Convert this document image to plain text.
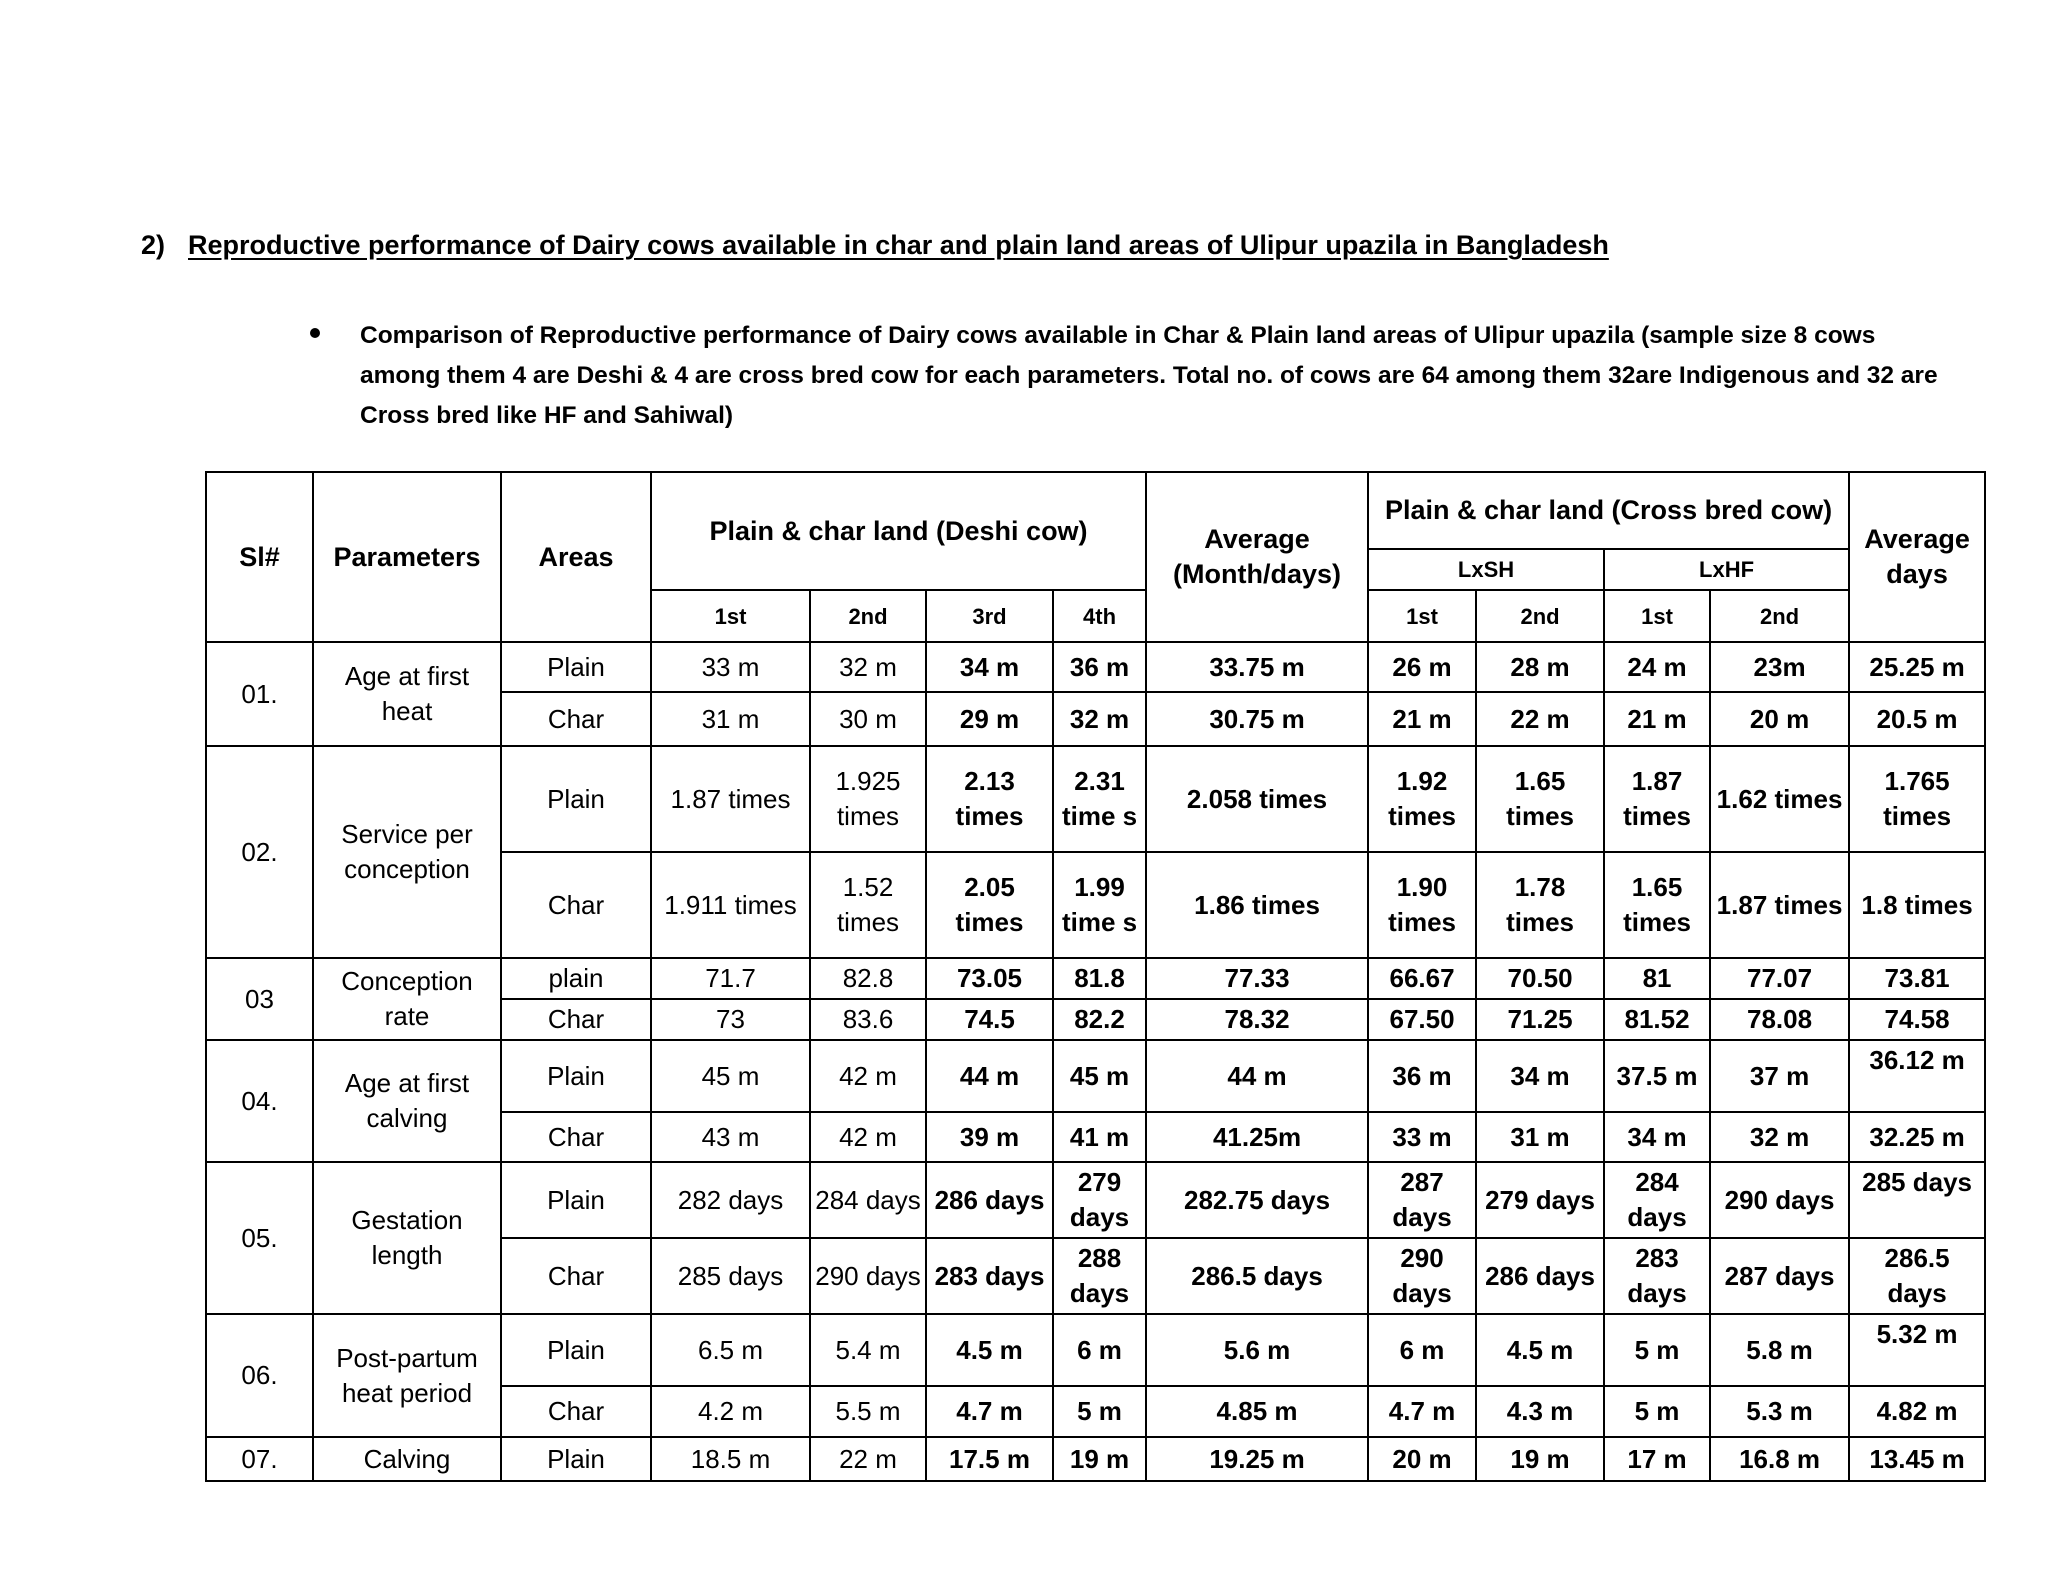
2) Reproductive performance of Dairy cows available in char and plain land areas of Ulipur upazila in Bangladesh
Comparison of Reproductive performance of Dairy cows available in Char & Plain land areas of Ulipur upazila (sample size 8 cows among them 4 are Deshi & 4 are cross bred cow for each parameters. Total no. of cows are 64 among them 32are Indigenous and 32 are Cross bred like HF and Sahiwal)
Sl#	Parameters	Areas	Plain & char land (Deshi cow)				Average (Month/days)	Plain & char land (Cross bred cow)				Average days
								LxSH		LxHF		
			1st	2nd	3rd	4th		1st	2nd	1st	2nd	
01.	Age at first heat	Plain	33 m	32 m	34 m	36 m	33.75 m	26 m	28 m	24 m	23m	25.25 m
		Char	31 m	30 m	29 m	32 m	30.75 m	21 m	22 m	21 m	20 m	20.5 m
02.	Service per conception	Plain	1.87 times	1.925 times	2.13 times	2.31 time s	2.058 times	1.92 times	1.65 times	1.87 times	1.62 times	1.765 times
		Char	1.911 times	1.52 times	2.05 times	1.99 time s	1.86 times	1.90 times	1.78 times	1.65 times	1.87 times	1.8 times
03	Conception rate	plain	71.7	82.8	73.05	81.8	77.33	66.67	70.50	81	77.07	73.81
		Char	73	83.6	74.5	82.2	78.32	67.50	71.25	81.52	78.08	74.58
04.	Age at first calving	Plain	45 m	42 m	44 m	45 m	44 m	36 m	34 m	37.5 m	37 m	36.12 m
		Char	43 m	42 m	39 m	41 m	41.25m	33 m	31 m	34 m	32 m	32.25 m
05.	Gestation length	Plain	282 days	284 days	286 days	279 days	282.75 days	287 days	279 days	284 days	290 days	285 days
		Char	285 days	290 days	283 days	288 days	286.5 days	290 days	286 days	283 days	287 days	286.5 days
06.	Post-partum heat period	Plain	6.5 m	5.4 m	4.5 m	6 m	5.6 m	6 m	4.5 m	5 m	5.8 m	5.32 m
		Char	4.2 m	5.5 m	4.7 m	5 m	4.85 m	4.7 m	4.3 m	5 m	5.3 m	4.82 m
07.	Calving	Plain	18.5 m	22 m	17.5 m	19 m	19.25 m	20 m	19 m	17 m	16.8 m	13.45 m
